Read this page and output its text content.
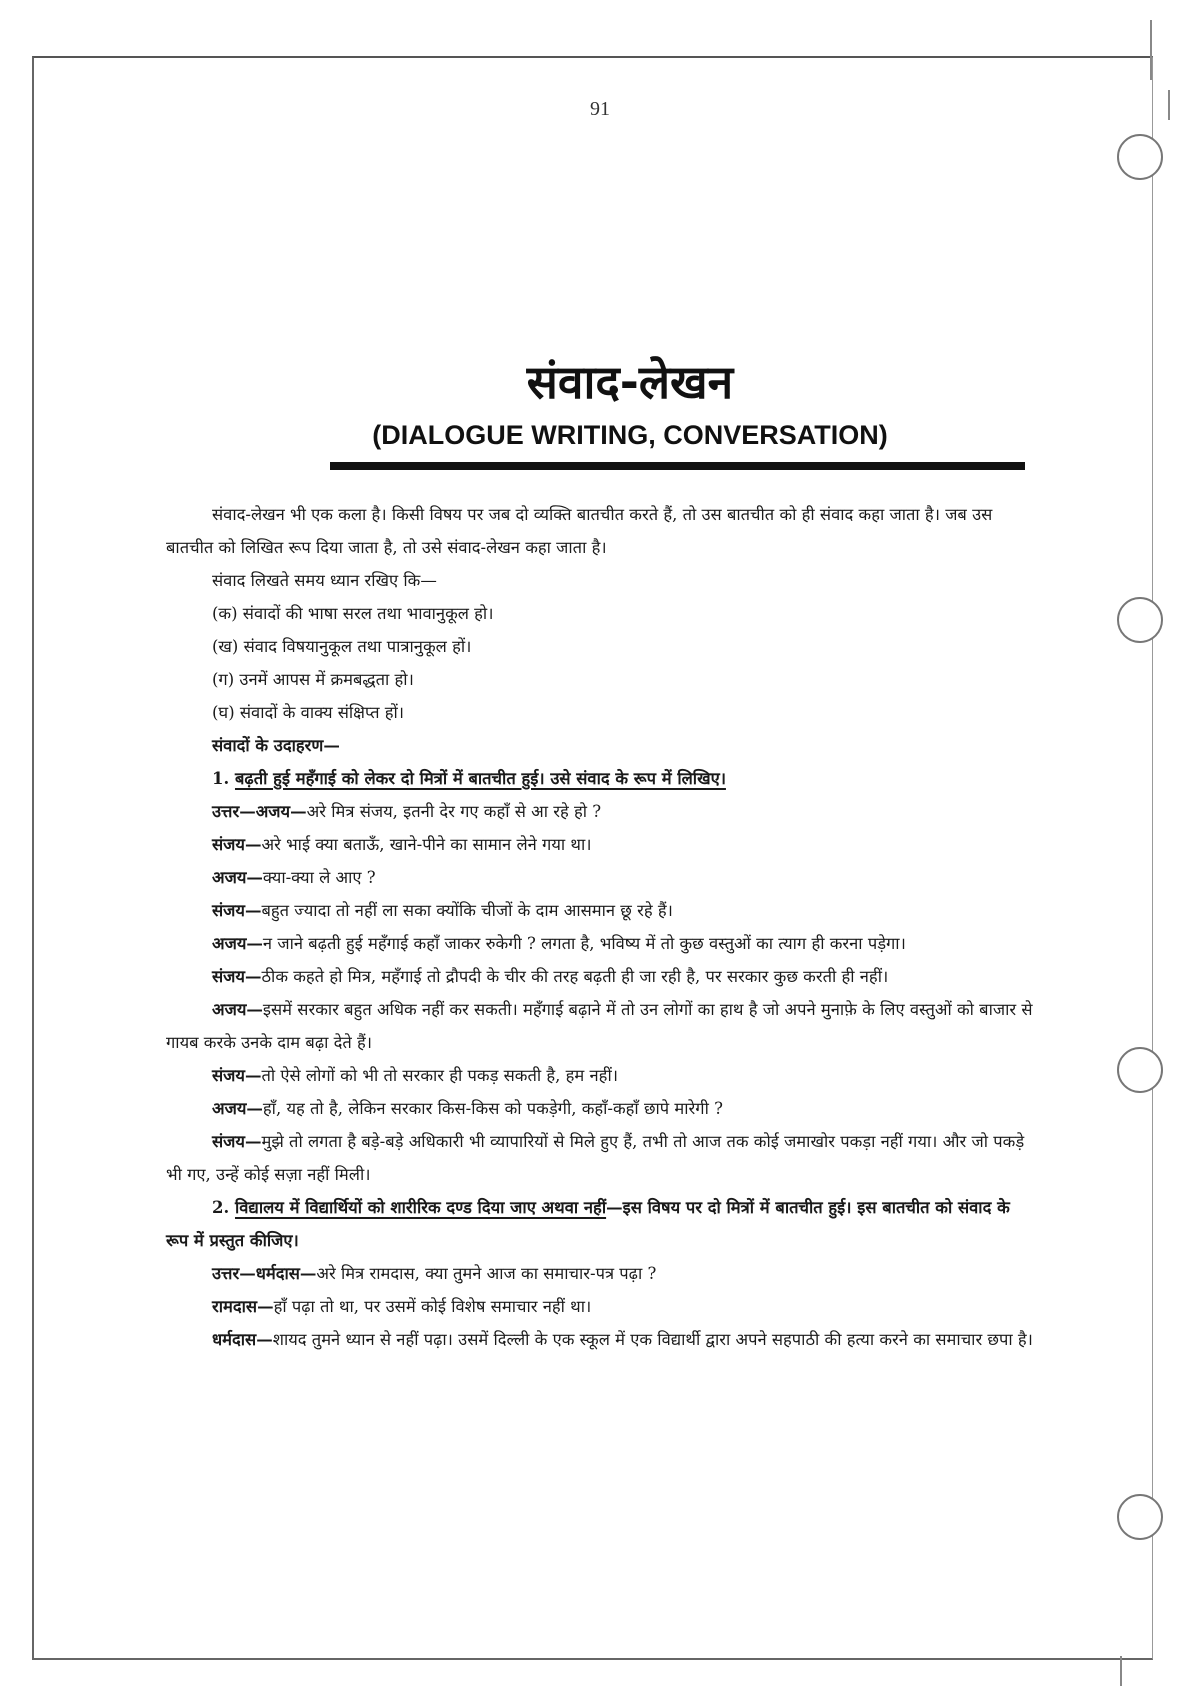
91
संवाद-लेखन
(DIALOGUE WRITING, CONVERSATION)

संवाद-लेखन भी एक कला है। किसी विषय पर जब दो व्यक्ति बातचीत करते हैं, तो उस बातचीत को ही संवाद कहा जाता है। जब उस बातचीत को लिखित रूप दिया जाता है, तो उसे संवाद-लेखन कहा जाता है।

संवाद लिखते समय ध्यान रखिए कि—

(क) संवादों की भाषा सरल तथा भावानुकूल हो।

(ख) संवाद विषयानुकूल तथा पात्रानुकूल हों।

(ग) उनमें आपस में क्रमबद्धता हो।

(घ) संवादों के वाक्य संक्षिप्त हों।

संवादों के उदाहरण—

1. बढ़ती हुई महँगाई को लेकर दो मित्रों में बातचीत हुई। उसे संवाद के रूप में लिखिए।

उत्तर—अजय—अरे मित्र संजय, इतनी देर गए कहाँ से आ रहे हो ?

संजय—अरे भाई क्या बताऊँ, खाने-पीने का सामान लेने गया था।

अजय—क्या-क्या ले आए ?

संजय—बहुत ज्यादा तो नहीं ला सका क्योंकि चीजों के दाम आसमान छू रहे हैं।

अजय—न जाने बढ़ती हुई महँगाई कहाँ जाकर रुकेगी ? लगता है, भविष्य में तो कुछ वस्तुओं का त्याग ही करना पड़ेगा।

संजय—ठीक कहते हो मित्र, महँगाई तो द्रौपदी के चीर की तरह बढ़ती ही जा रही है, पर सरकार कुछ करती ही नहीं।

अजय—इसमें सरकार बहुत अधिक नहीं कर सकती। महँगाई बढ़ाने में तो उन लोगों का हाथ है जो अपने मुनाफ़े के लिए वस्तुओं को बाजार से गायब करके उनके दाम बढ़ा देते हैं।

संजय—तो ऐसे लोगों को भी तो सरकार ही पकड़ सकती है, हम नहीं।

अजय—हाँ, यह तो है, लेकिन सरकार किस-किस को पकड़ेगी, कहाँ-कहाँ छापे मारेगी ?

संजय—मुझे तो लगता है बड़े-बड़े अधिकारी भी व्यापारियों से मिले हुए हैं, तभी तो आज तक कोई जमाखोर पकड़ा नहीं गया। और जो पकड़े भी गए, उन्हें कोई सज़ा नहीं मिली।

2. विद्यालय में विद्यार्थियों को शारीरिक दण्ड दिया जाए अथवा नहीं—इस विषय पर दो मित्रों में बातचीत हुई। इस बातचीत को संवाद के रूप में प्रस्तुत कीजिए।

उत्तर—धर्मदास—अरे मित्र रामदास, क्या तुमने आज का समाचार-पत्र पढ़ा ?

रामदास—हाँ पढ़ा तो था, पर उसमें कोई विशेष समाचार नहीं था।

धर्मदास—शायद तुमने ध्यान से नहीं पढ़ा। उसमें दिल्ली के एक स्कूल में एक विद्यार्थी द्वारा अपने सहपाठी की हत्या करने का समाचार छपा है।
